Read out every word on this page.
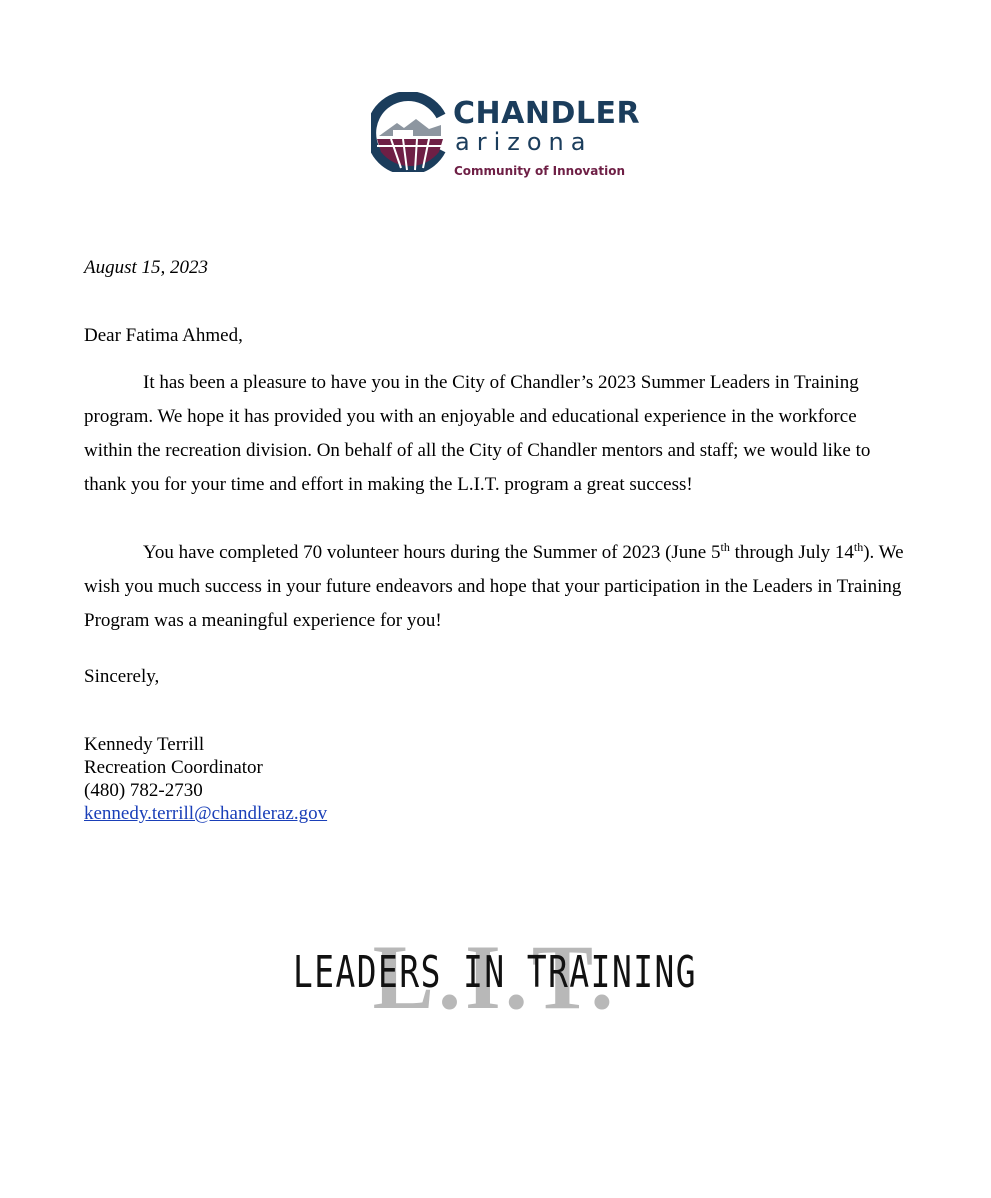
CHANDLER
arizona
Community of Innovation
August 15, 2023
Dear Fatima Ahmed,
It has been a pleasure to have you in the City of Chandler’s 2023 Summer Leaders in Training program. We hope it has provided you with an enjoyable and educational experience in the workforce within the recreation division. On behalf of all the City of Chandler mentors and staff; we would like to thank you for your time and effort in making the L.I.T. program a great success!
You have completed 70 volunteer hours during the Summer of 2023 (June 5th through July 14th). We wish you much success in your future endeavors and hope that your participation in the Leaders in Training Program was a meaningful experience for you!
Sincerely,
Kennedy Terrill
Recreation Coordinator
(480) 782-2730
kennedy.terrill@chandleraz.gov
L.I.T.
LEADERS IN TRAINING
